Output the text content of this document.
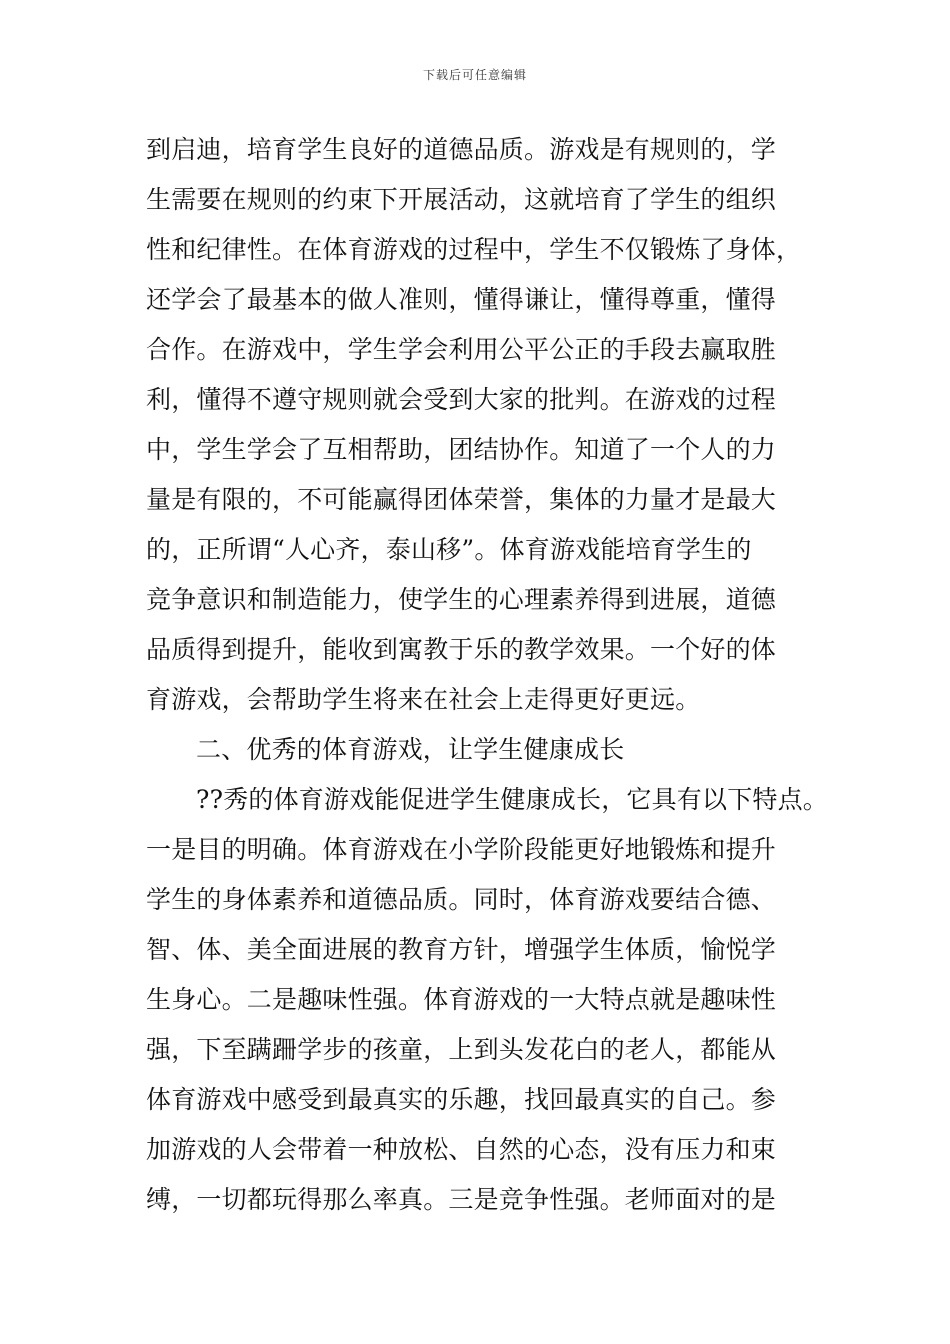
下载后可任意编辑
到启迪，培育学生良好的道德品质。游戏是有规则的，学
生需要在规则的约束下开展活动，这就培育了学生的组织
性和纪律性。在体育游戏的过程中，学生不仅锻炼了身体，
还学会了最基本的做人准则，懂得谦让，懂得尊重，懂得
合作。在游戏中，学生学会利用公平公正的手段去赢取胜
利，懂得不遵守规则就会受到大家的批判。在游戏的过程
中，学生学会了互相帮助，团结协作。知道了一个人的力
量是有限的，不可能赢得团体荣誉，集体的力量才是最大
的，正所谓“人心齐，泰山移”。体育游戏能培育学生的
竞争意识和制造能力，使学生的心理素养得到进展，道德
品质得到提升，能收到寓教于乐的教学效果。一个好的体
育游戏，会帮助学生将来在社会上走得更好更远。
二、优秀的体育游戏，让学生健康成长
??秀的体育游戏能促进学生健康成长，它具有以下特点。
一是目的明确。体育游戏在小学阶段能更好地锻炼和提升
学生的身体素养和道德品质。同时，体育游戏要结合德、
智、体、美全面进展的教育方针，增强学生体质，愉悦学
生身心。二是趣味性强。体育游戏的一大特点就是趣味性
强，下至蹒跚学步的孩童，上到头发花白的老人，都能从
体育游戏中感受到最真实的乐趣，找回最真实的自己。参
加游戏的人会带着一种放松、自然的心态，没有压力和束
缚，一切都玩得那么率真。三是竞争性强。老师面对的是
